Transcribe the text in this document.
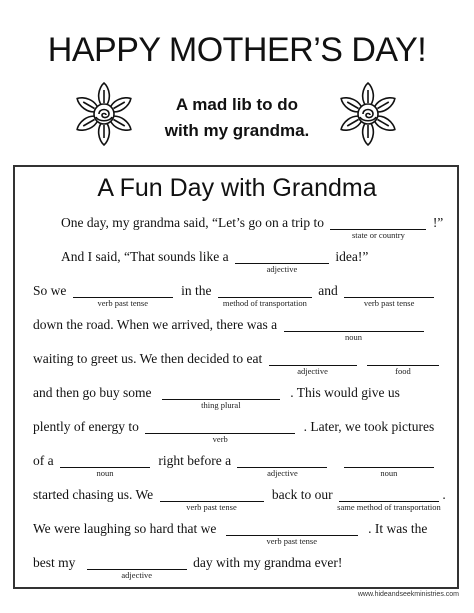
HAPPY MOTHER’S DAY!
A mad lib to do
with my grandma.
A Fun Day with Grandma
One day, my grandma said, “Let’s go on a trip to
state or country
!”
And I said, “That sounds like a
adjective
idea!”
So we
verb past tense
in the
method of transportation
and
verb past tense
down the road. When we arrived, there was a
noun
waiting to greet us. We then decided to eat
adjective
	food
and then go buy some
thing plural
. This would give us
plently of energy to
verb
. Later, we took pictures
of a
noun
right before a
adjective
	noun
started chasing us. We
verb past tense
back to our
same method of transportation
.
We were laughing so hard that we
verb past tense
. It was the
best my
adjective
day with my grandma ever!
www.hideandseekministries.com
